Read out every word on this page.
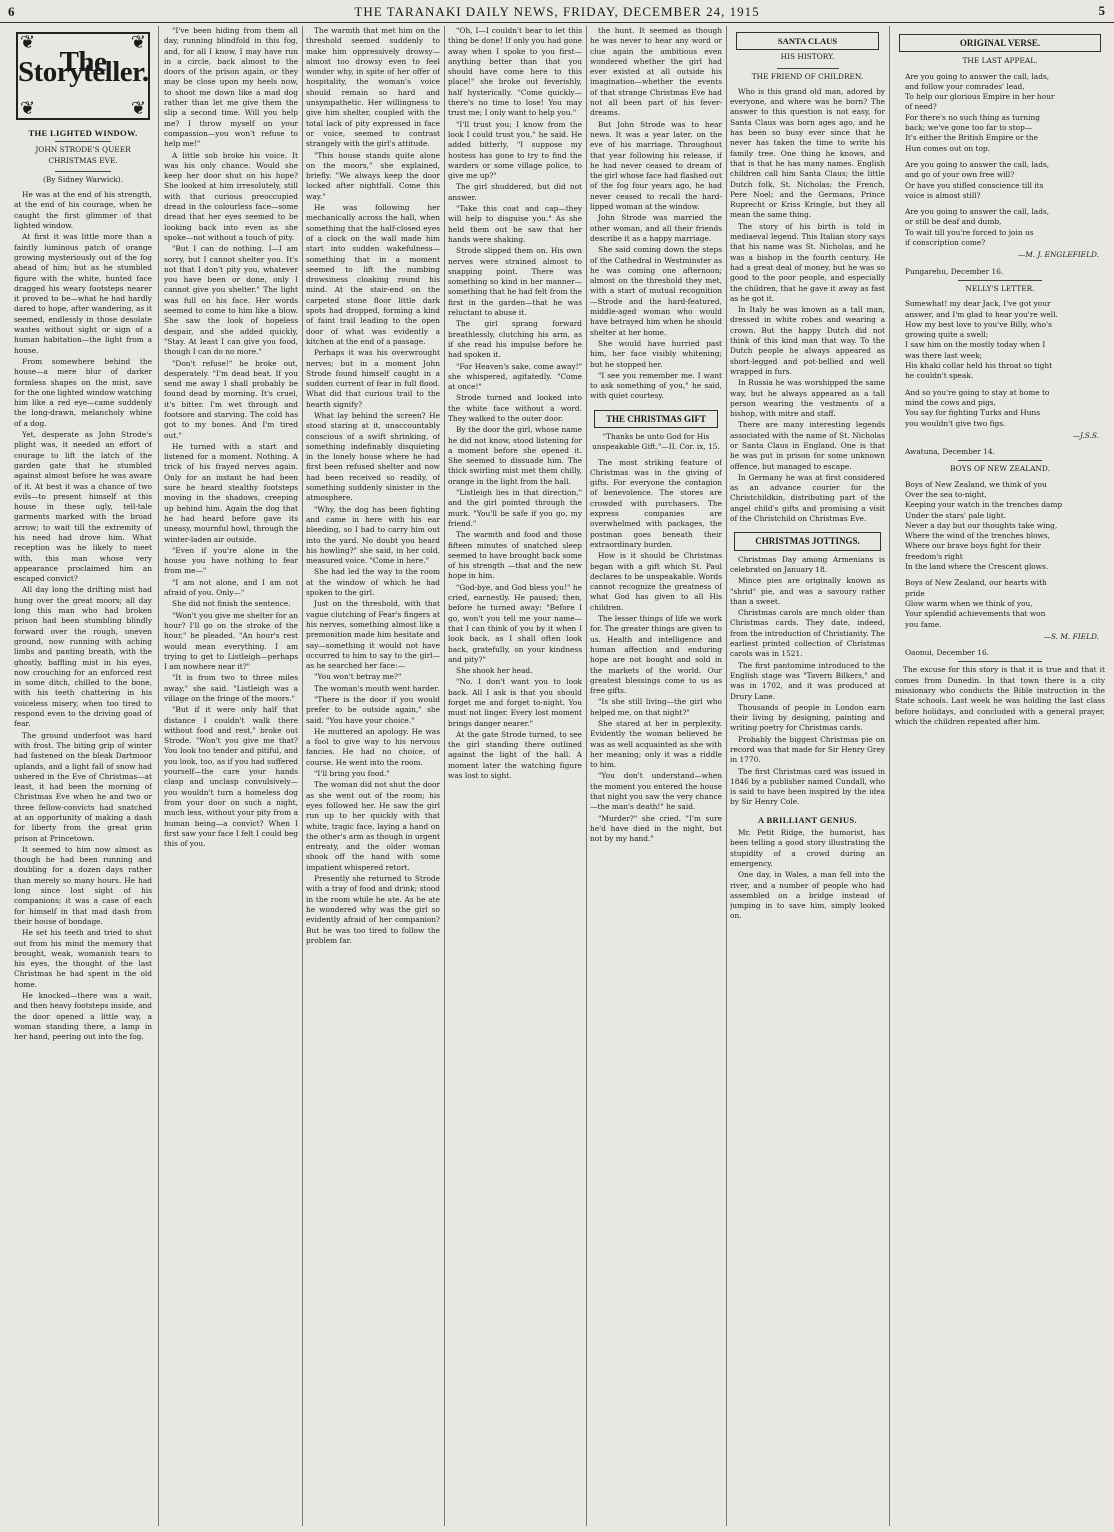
6	THE TARANAKI DAILY NEWS, FRIDAY, DECEMBER 24, 1915	5
❦	❦
❦	❦
The Storyteller.
THE LIGHTED WINDOW.
JOHN STRODE'S QUEER CHRISTMAS EVE.
(By Sidney Warwick).

He was at the end of his strength, at the end of his courage, when he caught the first glimmer of that lighted window.

At first it was little more than a faintly luminous patch of orange growing mysteriously out of the fog ahead of him; but as he stumbled figure with the white, hunted face dragged his weary footsteps nearer it proved to be—what he had hardly dared to hope, after wandering, as it seemed, endlessly in those desolate wastes without sight or sign of a human habitation—the light from a house.

From somewhere behind the house—a mere blur of darker formless shapes on the mist, save for the one lighted window watching him like a red eye—came suddenly the long-drawn, melancholy whine of a dog.

Yet, desperate as John Strode's plight was, it needed an effort of courage to lift the latch of the garden gate that he stumbled against almost before he was aware of it. At best it was a chance of two evils—to present himself at this house in these ugly, tell-tale garments marked with the broad arrow; to wait till the extremity of his need had drove him. What reception was he likely to meet with, this man whose very appearance proclaimed him an escaped convict?

All day long the drifting mist had hung over the great moors; all day long this man who had broken prison had been stumbling blindly forward over the rough, uneven ground, now running with aching limbs and panting breath, with the ghostly, baffling mist in his eyes, now crouching for an enforced rest in some ditch, chilled to the bone, with his teeth chattering in his voiceless misery, when too tired to respond even to the driving goad of fear.

The ground underfoot was hard with frost. The biting grip of winter had fastened on the bleak Dartmoor uplands, and a light fall of snow had ushered in the Eve of Christmas—at least, it had been the morning of Christmas Eve when he and two or three fellow-convicts had snatched at an opportunity of making a dash for liberty from the great grim prison at Princetown.

It seemed to him now almost as though he had been running and doubling for a dozen days rather than merely so many hours. He had long since lost sight of his companions; it was a case of each for himself in that mad dash from their house of bondage.

He set his teeth and tried to shut out from his mind the memory that brought, weak, womanish tears to his eyes, the thought of the last Christmas he had spent in the old home.

He knocked—there was a wait, and then heavy footsteps inside, and the door opened a little way, a woman standing there, a lamp in her hand, peering out into the fog.

"I've been hiding from them all day, running blindfold in this fog, and, for all I know, I may have run in a circle, back almost to the doors of the prison again, or they may be close upon my heels now, to shoot me down like a mad dog rather than let me give them the slip a second time. Will you help me? I throw myself on your compassion—you won't refuse to help me!"

A little sob broke his voice. It was his only chance. Would she keep her door shut on his hope? She looked at him irresolutely, still with that curious preoccupied dread in the colourless face—some dread that her eyes seemed to be looking back into even as she spoke—not without a touch of pity.

"But I can do nothing. I—I am sorry, but I cannot shelter you. It's not that I don't pity you, whatever you have been or done, only I cannot give you shelter." The light was full on his face. Her words seemed to come to him like a blow. She saw the look of hopeless despair, and she added quickly, "Stay. At least I can give you food, though I can do no more."

"Don't refuse!" he broke out, desperately. "I'm dead beat. If you send me away I shall probably be found dead by morning. It's cruel, it's bitter. I'm wet through and footsore and starving. The cold has got to my bones. And I'm tired out."

He turned with a start and listened for a moment. Nothing. A trick of his frayed nerves again. Only for an instant he had been sure he heard stealthy footsteps moving in the shadows, creeping up behind him. Again the dog that he had heard before gave its uneasy, mournful howl, through the winter-laden air outside.

"Even if you're alone in the house you have nothing to fear from me—"

"I am not alone, and I am not afraid of you. Only—"

She did not finish the sentence.

"Won't you give me shelter for an hour? I'll go on the stroke of the hour," he pleaded. "An hour's rest would mean everything. I am trying to get to Listleigh—perhaps I am nowhere near it?"

"It is from two to three miles away," she said. "Listleigh was a village on the fringe of the moors."

"But if it were only half that distance I couldn't walk there without food and rest," broke out Strode. "Won't you give me that? You look too tender and pitiful, and you look, too, as if you had suffered yourself—the care your hands clasp and unclasp convulsively—you wouldn't turn a homeless dog from your door on such a night, much less, without your pity from a human being—a convict? When I first saw your face I felt I could beg this of you.

The warmth that met him on the threshold seemed suddenly to make him oppressively drowsy—almost too drowsy even to feel wonder why, in spite of her offer of hospitality, the woman's voice should remain so hard and unsympathetic. Her willingness to give him shelter, coupled with the total lack of pity expressed in face or voice, seemed to contrast strangely with the girl's attitude.

"This house stands quite alone on the moors," she explained, briefly. "We always keep the door locked after nightfall. Come this way."

He was following her mechanically across the hall, when something that the half-closed eyes of a clock on the wall made him start into sudden wakefulness—something that in a moment seemed to lift the numbing drowsiness cloaking round his mind. At the stair-end on the carpeted stone floor little dark spots had dropped, forming a kind of faint trail leading to the open door of what was evidently a kitchen at the end of a passage.

Perhaps it was his overwrought nerves; but in a moment John Strode found himself caught in a sudden current of fear in full flood. What did that curious trail to the hearth signify?

What lay behind the screen? He stood staring at it, unaccountably conscious of a swift shrinking, of something indefinably disquieting in the lonely house where he had first been refused shelter and now had been received so readily, of something suddenly sinister in the atmosphere.

"Why, the dog has been fighting and came in here with his ear bleeding, so I had to carry him out into the yard. No doubt you heard his howling?" she said, in her cold, measured voice. "Come in here."

She had led the way to the room at the window of which he had spoken to the girl.

Just on the threshold, with that vague clutching of Fear's fingers at his nerves, something almost like a premonition made him hesitate and say—something it would not have occurred to him to say to the girl—as he searched her face:—

"You won't betray me?"

The woman's mouth went harder.

"There is the door if you would prefer to be outside again," she said. "You have your choice."

He muttered an apology. He was a fool to give way to his nervous fancies. He had no choice, of course. He went into the room.

"I'll bring you food."

The woman did not shut the door as she went out of the room; his eyes followed her. He saw the girl run up to her quickly with that white, tragic face, laying a hand on the other's arm as though in urgent entreaty, and the older woman shook off the hand with some impatient whispered retort.

Presently she returned to Strode with a tray of food and drink; stood in the room while he ate. As he ate he wondered why was the girl so evidently afraid of her companion? But he was too tired to follow the problem far.

"Oh, I—I couldn't bear to let this thing be done! If only you had gone away when I spoke to you first—anything better than that you should have come here to this place!" she broke out feverishly, half hysterically. "Come quickly—there's no time to lose! You may trust me; I only want to help you."

"I'll trust you; I know from the look I could trust you," he said. He added bitterly, "I suppose my hostess has gone to try to find the warders or some village police, to give me up?"

The girl shuddered, but did not answer.

"Take this coat and cap—they will help to disguise you." As she held them out he saw that her hands were shaking.

Strode slipped them on. His own nerves were strained almost to snapping point. There was something so kind in her manner—something that he had felt from the first in the garden—that he was reluctant to abuse it.

The girl sprang forward breathlessly, clutching his arm, as if she read his impulse before he had spoken it.

"For Heaven's sake, come away!" she whispered, agitatedly. "Come at once!"

Strode turned and looked into the white face without a word. They walked to the outer door.

By the door the girl, whose name he did not know, stood listening for a moment before she opened it. She seemed to dissuade him. The thick swirling mist met them chilly, orange in the light from the hall.

"Listleigh lies in that direction," and the girl pointed through the murk. "You'll be safe if you go, my friend."

The warmth and food and those fifteen minutes of snatched sleep seemed to have brought back some of his strength —that and the new hope in him.

"God-bye, and God bless you!" he cried, earnestly. He paused; then, before he turned away: "Before I go, won't you tell me your name—that I can think of you by it when I look back, as I shall often look back, gratefully, on your kindness and pity?"

She shook her head.

"No. I don't want you to look back. All I ask is that you should forget me and forget to-night. You must not linger. Every lost moment brings danger nearer."

At the gate Strode turned, to see the girl standing there outlined against the light of the hall. A moment later the watching figure was lost to sight.

the hunt. It seemed as though he was never to hear any word or clue again the ambitious even wondered whether the girl had ever existed at all outside his imagination—whether the events of that strange Christmas Eve had not all been part of his fever-dreams.

But John Strode was to hear news. It was a year later, on the eve of his marriage. Throughout that year following his release, if he had never ceased to dream of the girl whose face had flashed out of the fog four years ago, he had never ceased to recall the hard-lipped woman at the window.

John Strode was married the other woman, and all their friends describe it as a happy marriage.

She said coming down the steps of the Cathedral in Westminster as he was coming one afternoon; almost on the threshold they met, with a start of mutual recognition—Strode and the hard-featured, middle-aged woman who would have betrayed him when he should shelter at her home.

She would have hurried past him, her face visibly whitening; but he stopped her.

"I see you remember me. I want to ask something of you," he said, with quiet courtesy.

THE CHRISTMAS GIFT
"Thanks be unto God for His unspeakable Gift."—II. Cor. ix, 15.

The most striking feature of Christmas was in the giving of gifts. For everyone the contagion of benevolence. The stores are crowded with purchasers. The express companies are overwhelmed with packages, the postman goes beneath their extraordinary burden.

How is it should be Christmas began with a gift which St. Paul declares to be unspeakable. Words cannot recognize the greatness of what God has given to all His children.

The lesser things of life we work for. The greater things are given to us. Health and intelligence and human affection and enduring hope are not bought and sold in the markets of the world. Our greatest blessings come to us as free gifts.

"Is she still living—the girl who helped me, on that night?"

She stared at her in perplexity. Evidently the woman believed he was as well acquainted as she with her meaning; only it was a riddle to him.

"You don't understand—when the moment you entered the house that night you saw the very chance—the man's death!" he said.

"Murder?" she cried. "I'm sure he'd have died in the night, but not by my hand."

SANTA CLAUS
HIS HISTORY.
THE FRIEND OF CHILDREN.

Who is this grand old man, adored by everyone, and where was he born? The answer to this question is not easy, for Santa Claus was born ages ago, and he has been so busy ever since that he never has taken the time to write his family tree. One thing he knows, and that is that he has many names. English children call him Santa Claus; the little Dutch folk, St. Nicholas; the French, Pere Noel; and the Germans, Prince Ruprecht or Kriss Kringle, but they all mean the same thing.

The story of his birth is told in mediaeval legend. This Italian story says that his name was St. Nicholas, and he was a bishop in the fourth century. He had a great deal of money, but he was so good to the poor people, and especially the children, that he gave it away as fast as he got it.

In Italy he was known as a tall man, dressed in white robes and wearing a crown. But the happy Dutch did not think of this kind man that way. To the Dutch people he always appeared as short-legged and pot-bellied and well wrapped in furs.

In Russia he was worshipped the same way, but he always appeared as a tall person wearing the vestments of a bishop, with mitre and staff.

There are many interesting legends associated with the name of St. Nicholas or Santa Claus in England. One is that he was put in prison for some unknown offence, but managed to escape.

In Germany he was at first considered as an advance courier for the Christchildkin, distributing part of the angel child's gifts and promising a visit of the Christchild on Christmas Eve.

CHRISTMAS JOTTINGS.

Christmas Day among Armenians is celebrated on January 18.

Mince pies are originally known as "shrid" pie, and was a savoury rather than a sweet.

Christmas carols are much older than Christmas cards. They date, indeed, from the introduction of Christianity. The earliest printed collection of Christmas carols was in 1521.

The first pantomime introduced to the English stage was "Tavern Bilkers," and was in 1702, and it was produced at Drury Lane.

Thousands of people in London earn their living by designing, painting and writing poetry for Christmas cards.

Probably the biggest Christmas pie on record was that made for Sir Henry Grey in 1770.

The first Christmas card was issued in 1846 by a publisher named Cundall, who is said to have been inspired by the idea by Sir Henry Cole.

A BRILLIANT GENIUS.

Mr. Petit Ridge, the humorist, has been telling a good story illustrating the stupidity of a crowd during an emergency.

One day, in Wales, a man fell into the river, and a number of people who had assembled on a bridge instead of jumping in to save him, simply looked on.

ORIGINAL VERSE.
THE LAST APPEAL.

Are you going to answer the call, lads,

and follow your comrades' lead,

To help our glorious Empire in her hour

of need?

For there's no such thing as turning

back; we've gone too far to stop—

It's either the British Empire or the

Hun comes out on top.

Are you going to answer the call, lads,

and go of your own free will?

Or have you stifled conscience till its

voice is almost still?

Are you going to answer the call, lads,

or still be deaf and dumb,

To wait till you're forced to join us

if conscription come?

—M. J. ENGLEFIELD.

Pungarehu, December 16.

NELLY'S LETTER.

Somewhat! my dear Jack, I've got your

answer, and I'm glad to hear you're well.

How my best love to you've Billy, who's

growing quite a swell;

I saw him on the mostly today when I

was there last week;

His khaki collar held his throat so tight

he couldn't speak.

And so you're going to stay at home to

mind the cows and pigs,

You say for fighting Turks and Huns

you wouldn't give two figs.

—J.S.S.

Awatuna, December 14.

BOYS OF NEW ZEALAND.

Boys of New Zealand, we think of you

Over the sea to-night,

Keeping your watch in the trenches damp

Under the stars' pale light.

Never a day but our thoughts take wing,

Where the wind of the trenches blows,

Where our brave boys fight for their

freedom's right

In the land where the Crescent glows.

Boys of New Zealand, our hearts with

pride

Glow warm when we think of you,

Your splendid achievements that won

you fame.

—S. M. FIELD.

Oaonui, December 16.

The excuse for this story is that it is true and that it comes from Dunedin. In that town there is a city missionary who conducts the Bible instruction in the State schools. Last week he was holding the last class before holidays, and concluded with a general prayer, which the children repeated after him.
